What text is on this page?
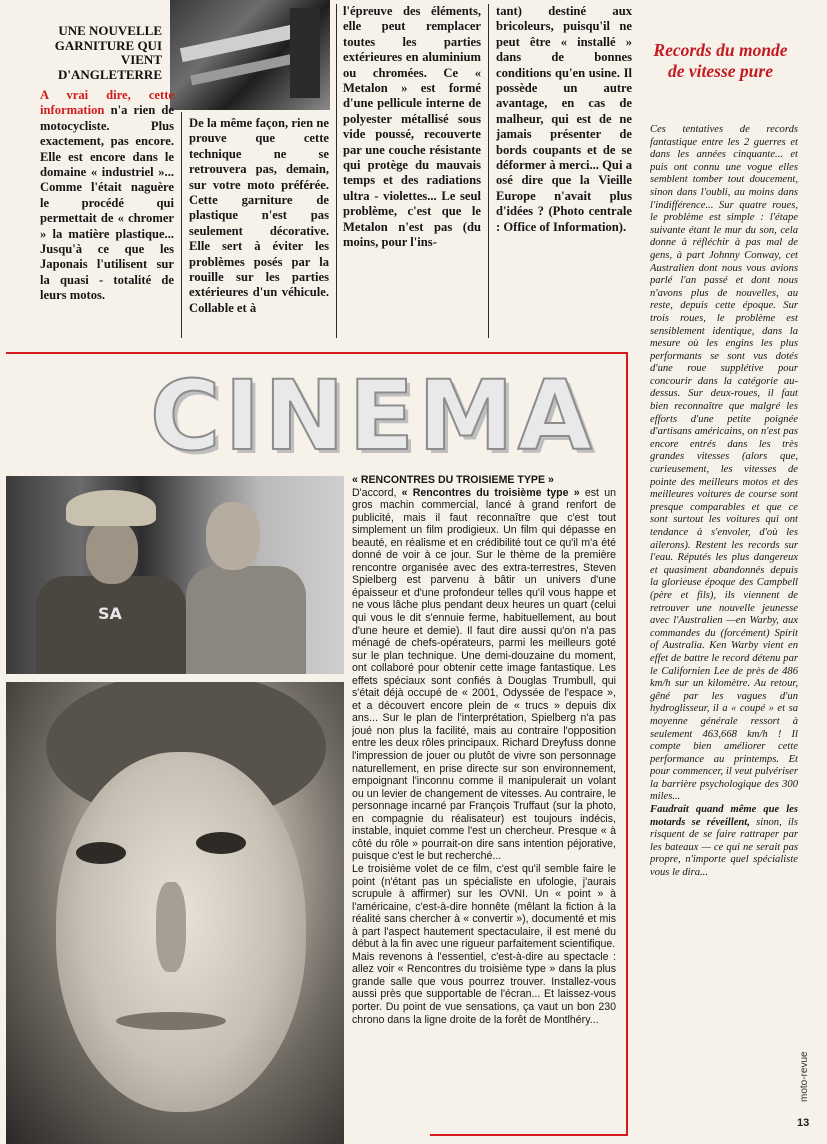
UNE NOUVELLE GARNITURE QUI VIENT D'ANGLETERRE

A vrai dire, cette information n'a rien de motocycliste. Plus exactement, pas encore. Elle est encore dans le domaine « industriel »... Comme l'était naguère le procédé qui permettait de « chromer » la matière plastique... Jusqu'à ce que les Japonais l'utilisent sur la quasi - totalité de leurs motos.

De la même façon, rien ne prouve que cette technique ne se retrouvera pas, demain, sur votre moto préférée. Cette garniture de plastique n'est pas seulement décorative. Elle sert à éviter les problèmes posés par la rouille sur les parties extérieures d'un véhicule. Collable et à

l'épreuve des éléments, elle peut remplacer toutes les parties extérieures en aluminium ou chromées. Ce « Metalon » est formé d'une pellicule interne de polyester métallisé sous vide poussé, recouverte par une couche résistante qui protège du mauvais temps et des radiations ultra - violettes... Le seul problème, c'est que le Metalon n'est pas (du moins, pour l'ins-

tant) destiné aux bricoleurs, puisqu'il ne peut être « installé » dans de bonnes conditions qu'en usine. Il possède un autre avantage, en cas de malheur, qui est de ne jamais présenter de bords coupants et de se déformer à merci... Qui a osé dire que la Vieille Europe n'avait plus d'idées ? (Photo centrale : Office of Information).

Records du monde de vitesse pure

Ces tentatives de records fantastique entre les 2 guerres et dans les années cinquante... et puis ont connu une vogue elles semblent tomber tout doucement, sinon dans l'oubli, au moins dans l'indifférence... Sur quatre roues, le problème est simple : l'étape suivante étant le mur du son, cela donne à réfléchir à pas mal de gens, à part Johnny Conway, cet Australien dont nous vous avions parlé l'an passé et dont nous n'avons plus de nouvelles, au reste, depuis cette époque. Sur trois roues, le problème est sensiblement identique, dans la mesure où les engins les plus performants se sont vus dotés d'une roue supplétive pour concourir dans la catégorie au-dessus. Sur deux-roues, il faut bien reconnaître que malgré les efforts d'une petite poignée d'artisans américains, on n'est pas encore entrés dans les très grandes vitesses (alors que, curieusement, les vitesses de pointe des meilleurs motos et des meilleures voitures de course sont presque comparables et que ce sont surtout les voitures qui ont tendance à s'envoler, d'où les ailerons). Restent les records sur l'eau. Réputés les plus dangereux et quasiment abandonnés depuis la glorieuse époque des Campbell (père et fils), ils viennent de retrouver une nouvelle jeunesse avec l'Australien —en Warby, aux commandes du (forcément) Spirit of Australia. Ken Warby vient en effet de battre le record détenu par le Californien Lee de près de 486 km/h sur un kilomètre. Au retour, gêné par les vagues d'un hydroglisseur, il a « coupé » et sa moyenne générale ressort à seulement 463,668 km/h ! Il compte bien améliorer cette performance au printemps. Et pour commencer, il veut pulvériser la barrière psychologique des 300 miles...

Faudrait quand même que les motards se réveillent, sinon, ils risquent de se faire rattraper par les bateaux — ce qui ne serait pas propre, n'importe quel spécialiste vous le dira...

CINEMA
SA

« RENCONTRES DU TROISIEME TYPE »

D'accord, « Rencontres du troisième type » est un gros machin commercial, lancé à grand renfort de publicité, mais il faut reconnaître que c'est tout simplement un film prodigieux. Un film qui dépasse en beauté, en réalisme et en crédibilité tout ce qu'il m'a été donné de voir à ce jour. Sur le thème de la première rencontre organisée avec des extra-terrestres, Steven Spielberg est parvenu à bâtir un univers d'une épaisseur et d'une profondeur telles qu'il vous happe et ne vous lâche plus pendant deux heures un quart (celui qui vous le dit s'ennuie ferme, habituellement, au bout d'une heure et demie). Il faut dire aussi qu'on n'a pas ménagé de chefs-opérateurs, parmi les meilleurs goté sur le plan technique. Une demi-douzaine du moment, ont collaboré pour obtenir cette image fantastique. Les effets spéciaux sont confiés à Douglas Trumbull, qui s'était déjà occupé de « 2001, Odyssée de l'espace », et a découvert encore plein de « trucs » depuis dix ans... Sur le plan de l'interprétation, Spielberg n'a pas joué non plus la facilité, mais au contraire l'opposition entre les deux rôles principaux. Richard Dreyfuss donne l'impression de jouer ou plutôt de vivre son personnage naturellement, en prise directe sur son environnement, empoignant l'inconnu comme il manipulerait un volant ou un levier de changement de vitesses. Au contraire, le personnage incarné par François Truffaut (sur la photo, en compagnie du réalisateur) est toujours indécis, instable, inquiet comme l'est un chercheur. Presque « à côté du rôle » pourrait-on dire sans intention péjorative, puisque c'est le but recherché...

Le troisième volet de ce film, c'est qu'il semble faire le point (n'étant pas un spécialiste en ufologie, j'aurais scrupule à affirmer) sur les OVNI. Un « point » à l'américaine, c'est-à-dire honnête (mêlant la fiction à la réalité sans chercher à « convertir »), documenté et mis à part l'aspect hautement spectaculaire, il est mené du début à la fin avec une rigueur parfaitement scientifique.

Mais revenons à l'essentiel, c'est-à-dire au spectacle : allez voir « Rencontres du troisième type » dans la plus grande salle que vous pourrez trouver. Installez-vous aussi près que supportable de l'écran... Et laissez-vous porter. Du point de vue sensations, ça vaut un bon 230 chrono dans la ligne droite de la forêt de Montlhéry...

moto-revue
13
